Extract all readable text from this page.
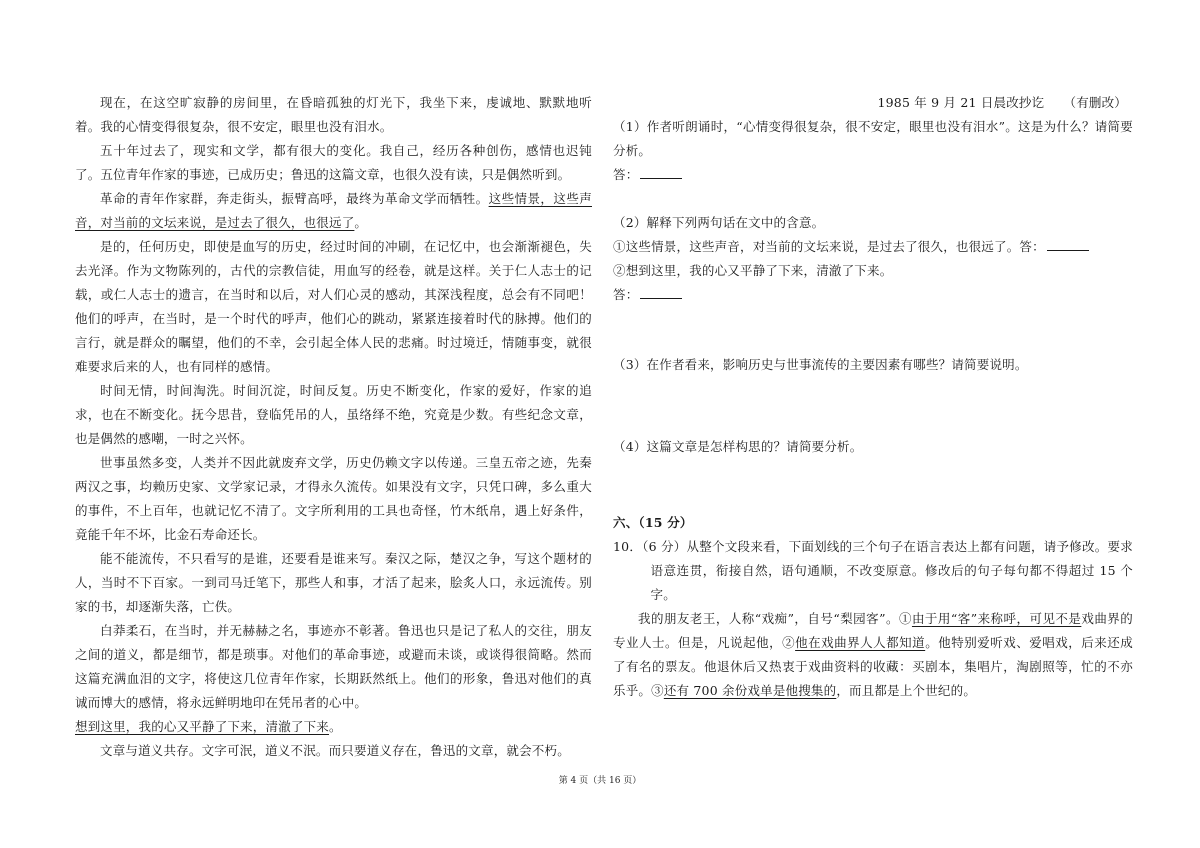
现在，在这空旷寂静的房间里，在昏暗孤独的灯光下，我坐下来，虔诚地、默默地听着。我的心情变得很复杂，很不安定，眼里也没有泪水。

五十年过去了，现实和文学，都有很大的变化。我自己，经历各种创伤，感情也迟钝了。五位青年作家的事迹，已成历史；鲁迅的这篇文章，也很久没有读，只是偶然听到。

革命的青年作家群，奔走街头，振臂高呼，最终为革命文学而牺牲。这些情景，这些声音，对当前的文坛来说，是过去了很久，也很远了。

是的，任何历史，即使是血写的历史，经过时间的冲刷，在记忆中，也会渐渐褪色，失去光泽。作为文物陈列的，古代的宗教信徒，用血写的经卷，就是这样。关于仁人志士的记载，或仁人志士的遗言，在当时和以后，对人们心灵的感动，其深浅程度，总会有不同吧！他们的呼声，在当时，是一个时代的呼声，他们心的跳动，紧紧连接着时代的脉搏。他们的言行，就是群众的瞩望，他们的不幸，会引起全体人民的悲痛。时过境迁，情随事变，就很难要求后来的人，也有同样的感情。

时间无情，时间淘洗。时间沉淀，时间反复。历史不断变化，作家的爱好，作家的追求，也在不断变化。抚今思昔，登临凭吊的人，虽络绎不绝，究竟是少数。有些纪念文章，也是偶然的感嘲，一时之兴怀。

世事虽然多变，人类并不因此就废弃文学，历史仍赖文字以传递。三皇五帝之迹，先秦两汉之事，均赖历史家、文学家记录，才得永久流传。如果没有文字，只凭口碑，多么重大的事件，不上百年，也就记忆不清了。文字所利用的工具也奇怪，竹木纸帛，遇上好条件，竟能千年不坏，比金石寿命还长。

能不能流传，不只看写的是谁，还要看是谁来写。秦汉之际，楚汉之争，写这个题材的人，当时不下百家。一到司马迁笔下，那些人和事，才活了起来，脍炙人口，永远流传。别家的书，却逐渐失落，亡佚。

白莽柔石，在当时，并无赫赫之名，事迹亦不彰著。鲁迅也只是记了私人的交往，朋友之间的道义，都是细节，都是琐事。对他们的革命事迹，或避而未谈，或谈得很简略。然而这篇充满血泪的文字，将使这几位青年作家，长期跃然纸上。他们的形象，鲁迅对他们的真诚而博大的感情，将永远鲜明地印在凭吊者的心中。

想到这里，我的心又平静了下来，清澈了下来。

文章与道义共存。文字可泯，道义不泯。而只要道义存在，鲁迅的文章，就会不朽。

1985 年 9 月 21 日晨改抄讫　　（有删改）

（1）作者听朗诵时，“心情变得很复杂，很不安定，眼里也没有泪水”。这是为什么？请简要分析。

答：

（2）解释下列两句话在文中的含意。

①这些情景，这些声音，对当前的文坛来说，是过去了很久，也很远了。答：

②想到这里，我的心又平静了下来，清澈了下来。

答：

（3）在作者看来，影响历史与世事流传的主要因素有哪些？请简要说明。

（4）这篇文章是怎样构思的？请简要分析。

六、（15 分）

10．（6 分）从整个文段来看，下面划线的三个句子在语言表达上都有问题，请予修改。要求语意连贯，衔接自然，语句通顺，不改变原意。修改后的句子每句都不得超过 15 个字。

我的朋友老王，人称“戏痴”，自号“梨园客”。①由于用“客”来称呼，可见不是戏曲界的专业人士。但是，凡说起他，②他在戏曲界人人都知道。他特别爱听戏、爱唱戏，后来还成了有名的票友。他退休后又热衷于戏曲资料的收藏：买剧本，集唱片，淘剧照等，忙的不亦乐乎。③还有 700 余份戏单是他搜集的，而且都是上个世纪的。

第 4 页（共 16 页）
